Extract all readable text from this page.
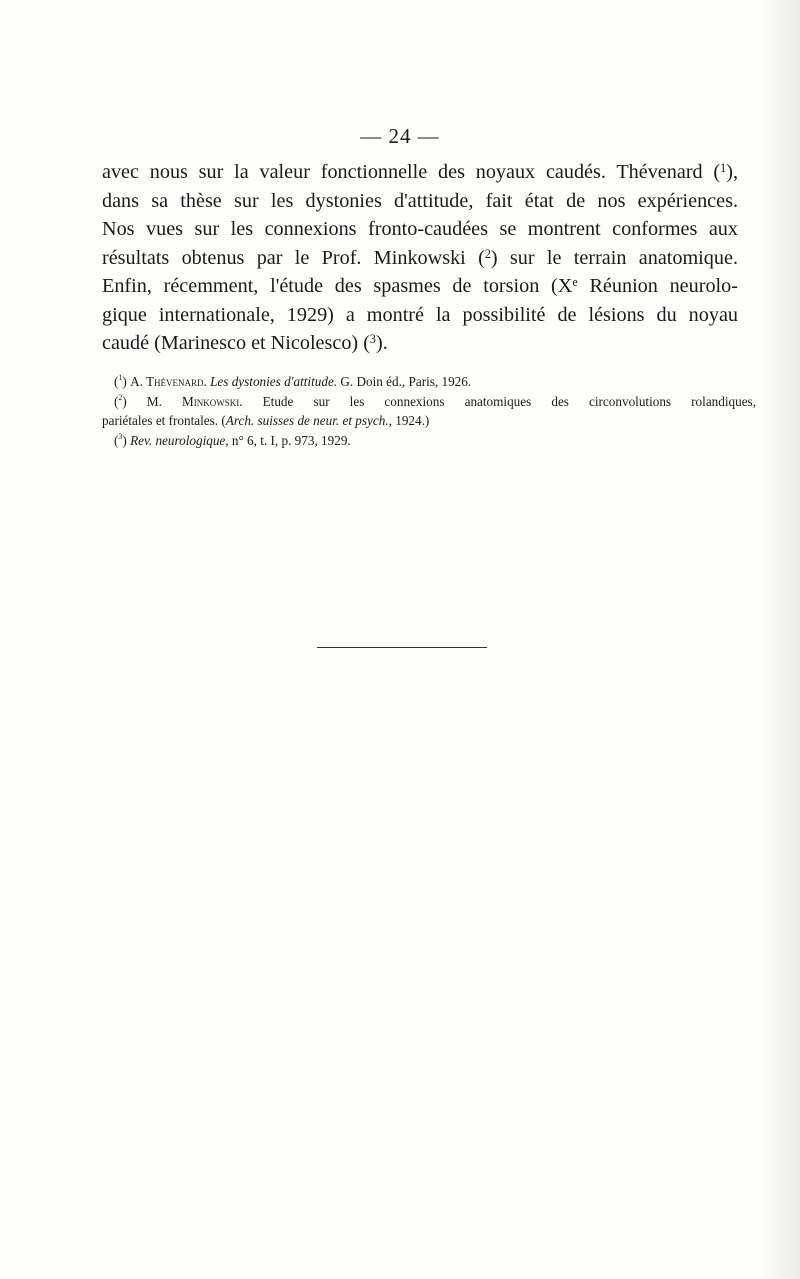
— 24 —
avec nous sur la valeur fonctionnelle des noyaux caudés. Thévenard ($^1$),
dans sa thèse sur les dystonies d'attitude, fait état de nos expériences.
Nos vues sur les connexions fronto-caudées se montrent conformes aux
résultats obtenus par le Prof. Minkowski ($^2$) sur le terrain anatomique.
Enfin, récemment, l'étude des spasmes de torsion (Xe Réunion neurolo-
gique internationale, 1929) a montré la possibilité de lésions du noyau
caudé (Marinesco et Nicolesco) ($^3$).
($^1$) A. Thévenard. Les dystonies d'attitude. G. Doin éd., Paris, 1926.
($^2$) M. Minkowski. Etude sur les connexions anatomiques des circonvolutions rolandiques,
pariétales et frontales. (Arch. suisses de neur. et psych., 1924.)
($^3$) Rev. neurologique, n° 6, t. I, p. 973, 1929.
